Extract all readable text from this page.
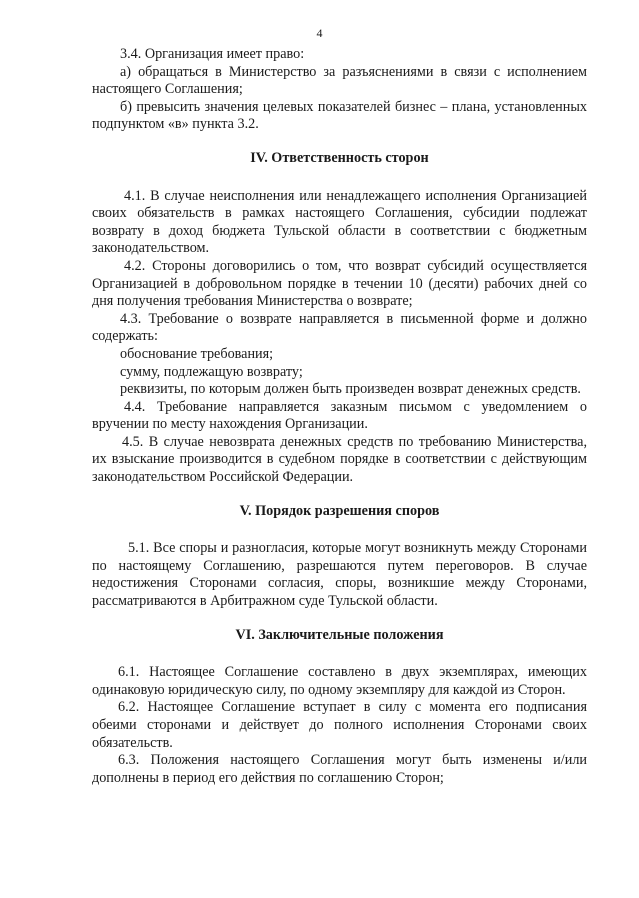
4

3.4. Организация имеет право:

а) обращаться в Министерство за разъяснениями в связи с исполнением настоящего Соглашения;

б) превысить значения целевых показателей бизнес – плана, установленных подпунктом «в» пункта 3.2.

IV. Ответственность сторон

4.1. В случае неисполнения или ненадлежащего исполнения Организацией своих обязательств в рамках настоящего Соглашения, субсидии подлежат возврату в доход бюджета Тульской области в соответствии с бюджетным законодательством.

4.2. Стороны договорились о том, что возврат субсидий осуществляется Организацией в добровольном порядке в течении 10 (десяти) рабочих дней со дня получения требования Министерства о возврате;

4.3. Требование о возврате направляется в письменной форме и должно содержать:

обоснование требования;

сумму, подлежащую возврату;

реквизиты, по которым должен быть произведен возврат денежных средств.

4.4. Требование направляется заказным письмом с уведомлением о вручении по месту нахождения Организации.

4.5. В случае невозврата денежных средств по требованию Министерства, их взыскание производится в судебном порядке в соответствии с действующим законодательством Российской Федерации.

V. Порядок разрешения споров

5.1. Все споры и разногласия, которые могут возникнуть между Сторонами по настоящему Соглашению, разрешаются путем переговоров. В случае недостижения Сторонами согласия, споры, возникшие между Сторонами, рассматриваются в Арбитражном суде Тульской области.

VI. Заключительные положения

6.1. Настоящее Соглашение составлено в двух экземплярах, имеющих одинаковую юридическую силу, по одному экземпляру для каждой из Сторон.

6.2. Настоящее Соглашение вступает в силу с момента его подписания обеими сторонами и действует до полного исполнения Сторонами своих обязательств.

6.3. Положения настоящего Соглашения могут быть изменены и/или дополнены в период его действия по соглашению Сторон;
